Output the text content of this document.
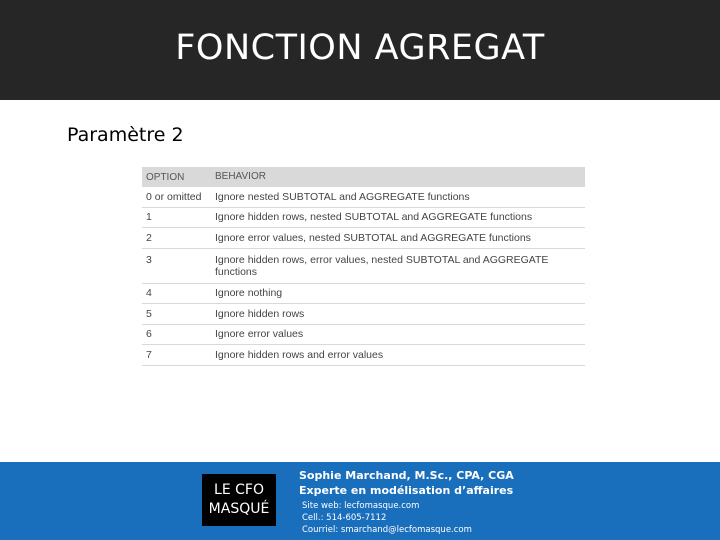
FONCTION AGREGAT
Paramètre 2
OPTION	BEHAVIOR
0 or omitted	Ignore nested SUBTOTAL and AGGREGATE functions
1	Ignore hidden rows, nested SUBTOTAL and AGGREGATE functions
2	Ignore error values, nested SUBTOTAL and AGGREGATE functions
3	Ignore hidden rows, error values, nested SUBTOTAL and AGGREGATE functions
4	Ignore nothing
5	Ignore hidden rows
6	Ignore error values
7	Ignore hidden rows and error values
LE CFO
MASQUÉ
Sophie Marchand, M.Sc., CPA, CGA
Experte en modélisation d’affaires
Site web: lecfomasque.com
Cell.: 514-605-7112
Courriel: smarchand@lecfomasque.com
